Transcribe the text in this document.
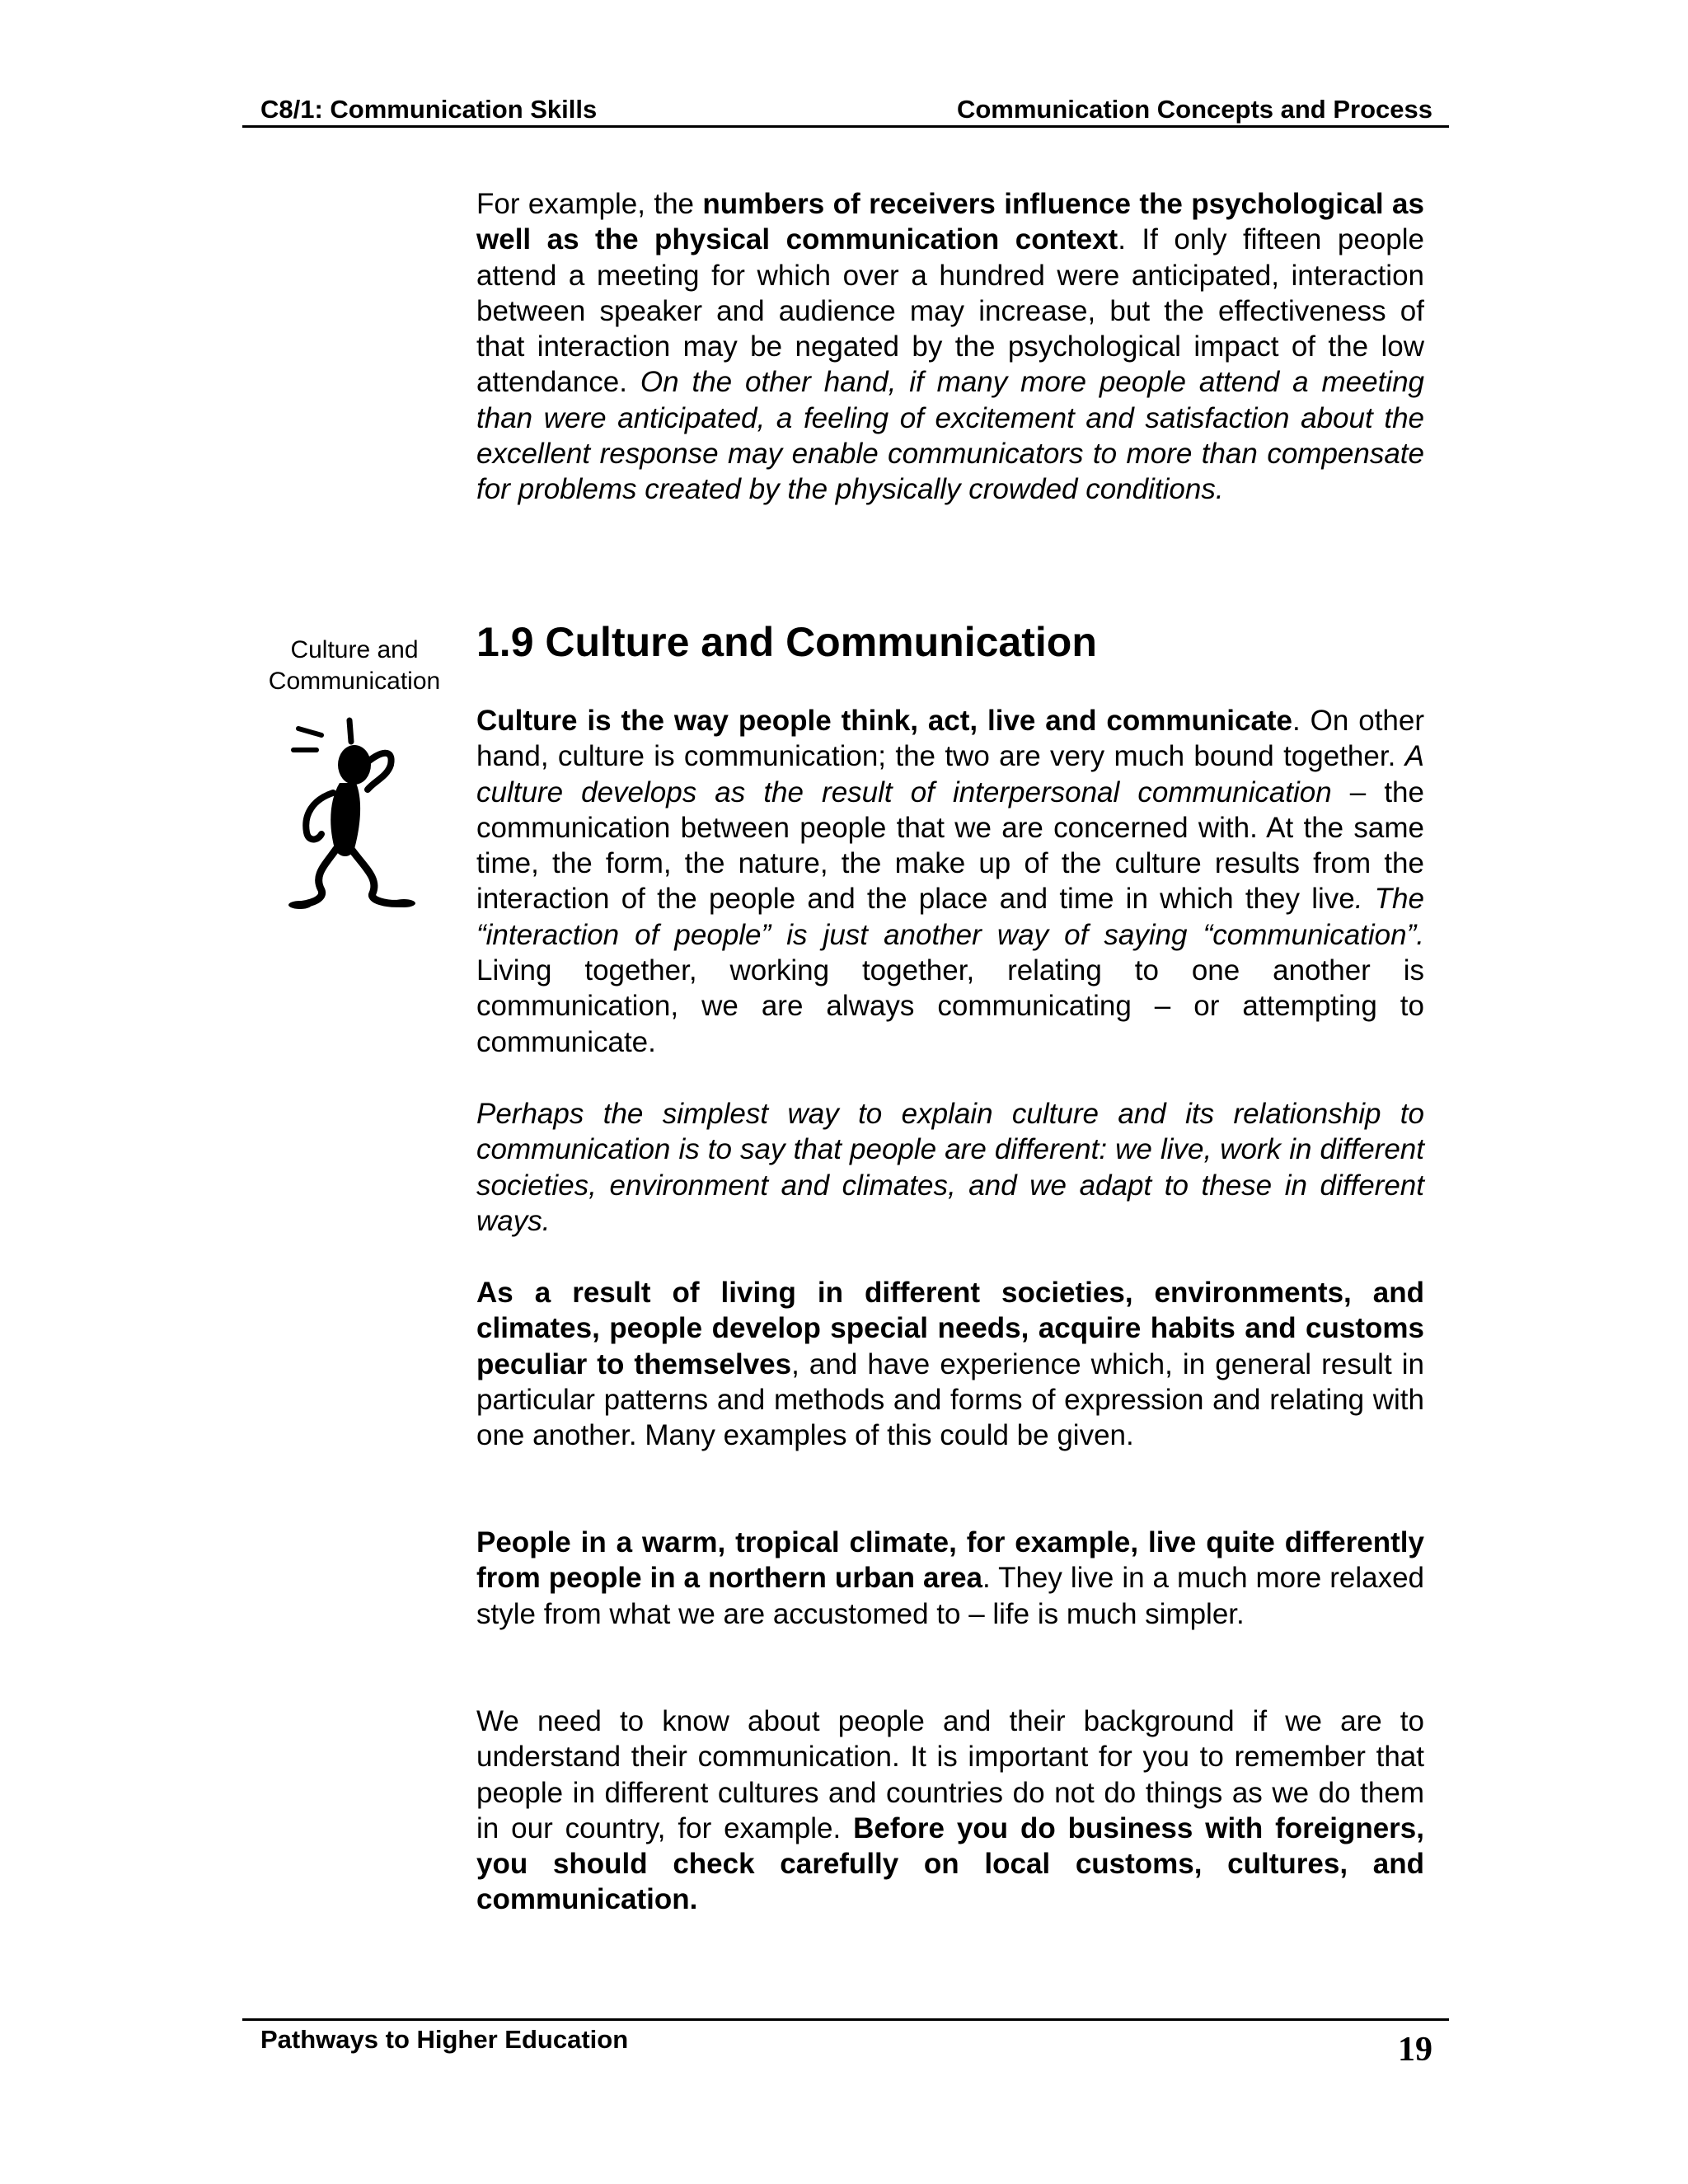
C8/1: Communication Skills	Communication Concepts and Process

For example, the numbers of receivers influence the psychological as well as the physical communication context. If only fifteen people attend a meeting for which over a hundred were anticipated, interaction between speaker and audience may increase, but the effectiveness of that interaction may be negated by the psychological impact of the low attendance. On the other hand, if many more people attend a meeting than were anticipated, a feeling of excitement and satisfaction about the excellent response may enable communicators to more than compensate for problems created by the physically crowded conditions.

Culture and
Communication
1.9 Culture and Communication

Culture is the way people think, act, live and communicate. On other hand, culture is communication; the two are very much bound together. A culture develops as the result of interpersonal communication – the communication between people that we are concerned with. At the same time, the form, the nature, the make up of the culture results from the interaction of the people and the place and time in which they live. The “interaction of people” is just another way of saying “communication”. Living together, working together, relating to one another is communication, we are always communicating – or attempting to communicate.

Perhaps the simplest way to explain culture and its relationship to communication is to say that people are different: we live, work in different societies, environment and climates, and we adapt to these in different ways.

As a result of living in different societies, environments, and climates, people develop special needs, acquire habits and customs peculiar to themselves, and have experience which, in general result in particular patterns and methods and forms of expression and relating with one another. Many examples of this could be given.

People in a warm, tropical climate, for example, live quite differently from people in a northern urban area. They live in a much more relaxed style from what we are accustomed to – life is much simpler.

We need to know about people and their background if we are to understand their communication. It is important for you to remember that people in different cultures and countries do not do things as we do them in our country, for example. Before you do business with foreigners, you should check carefully on local customs, cultures, and communication.

Pathways to Higher Education	19
